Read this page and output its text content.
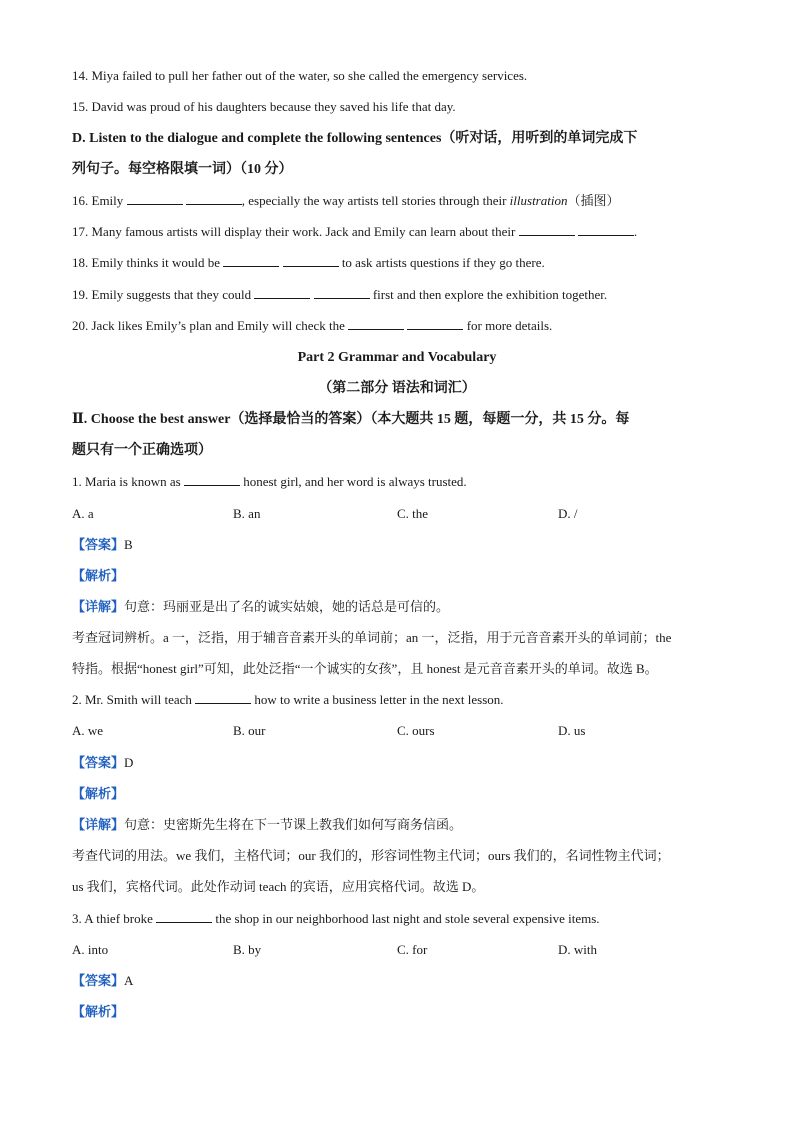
14. Miya failed to pull her father out of the water, so she called the emergency services.
15. David was proud of his daughters because they saved his life that day.
D. Listen to the dialogue and complete the following sentences（听对话，用听到的单词完成下
列句子。每空格限填一词）（10 分）
16. Emily	, especially the way artists tell stories through their illustration（插图）
17. Many famous artists will display their work. Jack and Emily can learn about their	.
18. Emily thinks it would be	to ask artists questions if they go there.
19. Emily suggests that they could	first and then explore the exhibition together.
20. Jack likes Emily’s plan and Emily will check the	for more details.
Part 2 Grammar and Vocabulary
（第二部分 语法和词汇）
Ⅱ. Choose the best answer（选择最恰当的答案）（本大题共 15 题，每题一分，共 15 分。每
题只有一个正确选项）
1. Maria is known as	honest girl, and her word is always trusted.
A. a	B. an	C. the	D. /
【答案】B
【解析】
【详解】句意：玛丽亚是出了名的诚实姑娘，她的话总是可信的。
考查冠词辨析。a 一，泛指，用于辅音音素开头的单词前；an 一，泛指，用于元音音素开头的单词前；the
特指。根据“honest girl”可知，此处泛指“一个诚实的女孩”，且 honest 是元音音素开头的单词。故选 B。
2. Mr. Smith will teach	how to write a business letter in the next lesson.
A. we	B. our	C. ours	D. us
【答案】D
【解析】
【详解】句意：史密斯先生将在下一节课上教我们如何写商务信函。
考查代词的用法。we 我们，主格代词；our 我们的，形容词性物主代词；ours 我们的，名词性物主代词；
us 我们，宾格代词。此处作动词 teach 的宾语，应用宾格代词。故选 D。
3. A thief broke	the shop in our neighborhood last night and stole several expensive items.
A. into	B. by	C. for	D. with
【答案】A
【解析】
